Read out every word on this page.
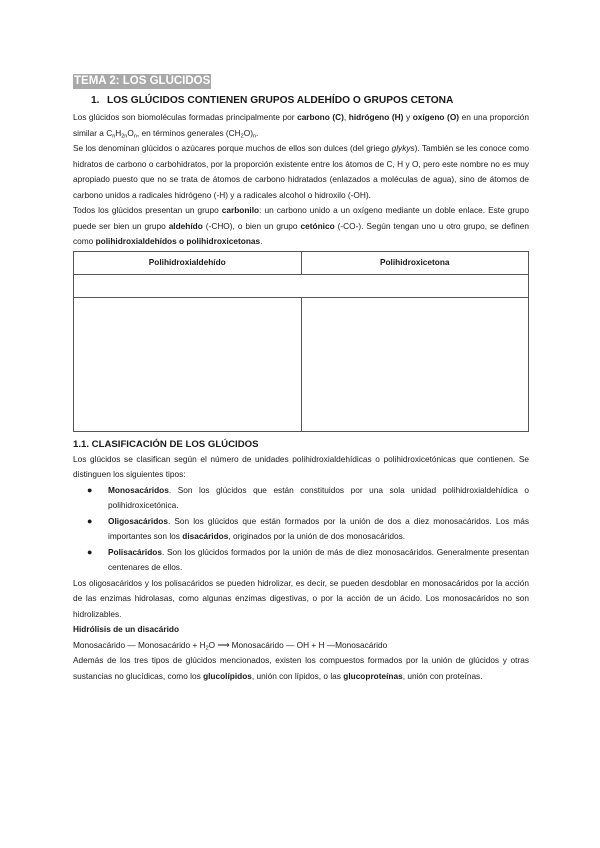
TEMA 2: LOS GLÚCIDOS
1. LOS GLÚCIDOS CONTIENEN GRUPOS ALDEHÍDO O GRUPOS CETONA

Los glúcidos son biomoléculas formadas principalmente por carbono (C), hidrógeno (H) y oxígeno (O) en una proporción similar a $C_nH_{2n}O_n$, en términos generales $(CH_2O)_n$.

Se los denominan glúcidos o azúcares porque muchos de ellos son dulces (del griego glykys). También se les conoce como hidratos de carbono o carbohidratos, por la proporción existente entre los átomos de C, H y O, pero este nombre no es muy apropiado puesto que no se trata de átomos de carbono hidratados (enlazados a moléculas de agua), sino de átomos de carbono unidos a radicales hidrógeno (-H) y a radicales alcohol o hidroxilo (-OH).

Todos los glúcidos presentan un grupo carbonilo: un carbono unido a un oxígeno mediante un doble enlace. Este grupo puede ser bien un grupo aldehído (-CHO), o bien un grupo cetónico (-CO-). Según tengan uno u otro grupo, se definen como polihidroxialdehídos o polihidroxicetonas.

Polihidroxialdehído	Polihidroxicetona

1.1. CLASIFICACIÓN DE LOS GLÚCIDOS

Los glúcidos se clasifican según el número de unidades polihidroxialdehídicas o polihidroxicetónicas que contienen. Se distinguen los siguientes tipos:

● Monosacáridos. Son los glúcidos que están constituidos por una sola unidad polihidroxialdehídica o polihidroxicetónica.
● Oligosacáridos. Son los glúcidos que están formados por la unión de dos a diez monosacáridos. Los más importantes son los disacáridos, originados por la unión de dos monosacáridos.
● Polisacáridos. Son los glúcidos formados por la unión de más de diez monosacáridos. Generalmente presentan centenares de ellos.

Los oligosacáridos y los polisacáridos se pueden hidrolizar, es decir, se pueden desdoblar en monosacáridos por la acción de las enzimas hidrolasas, como algunas enzimas digestivas, o por la acción de un ácido. Los monosacáridos no son hidrolizables.

Hidrólisis de un disacárido

Monosacárido — Monosacárido + $H_2O$ ⟶ Monosacárido — OH + H —Monosacárido

Además de los tres tipos de glúcidos mencionados, existen los compuestos formados por la unión de glúcidos y otras sustancias no glucídicas, como los glucolípidos, unión con lípidos, o las glucoproteínas, unión con proteínas.
